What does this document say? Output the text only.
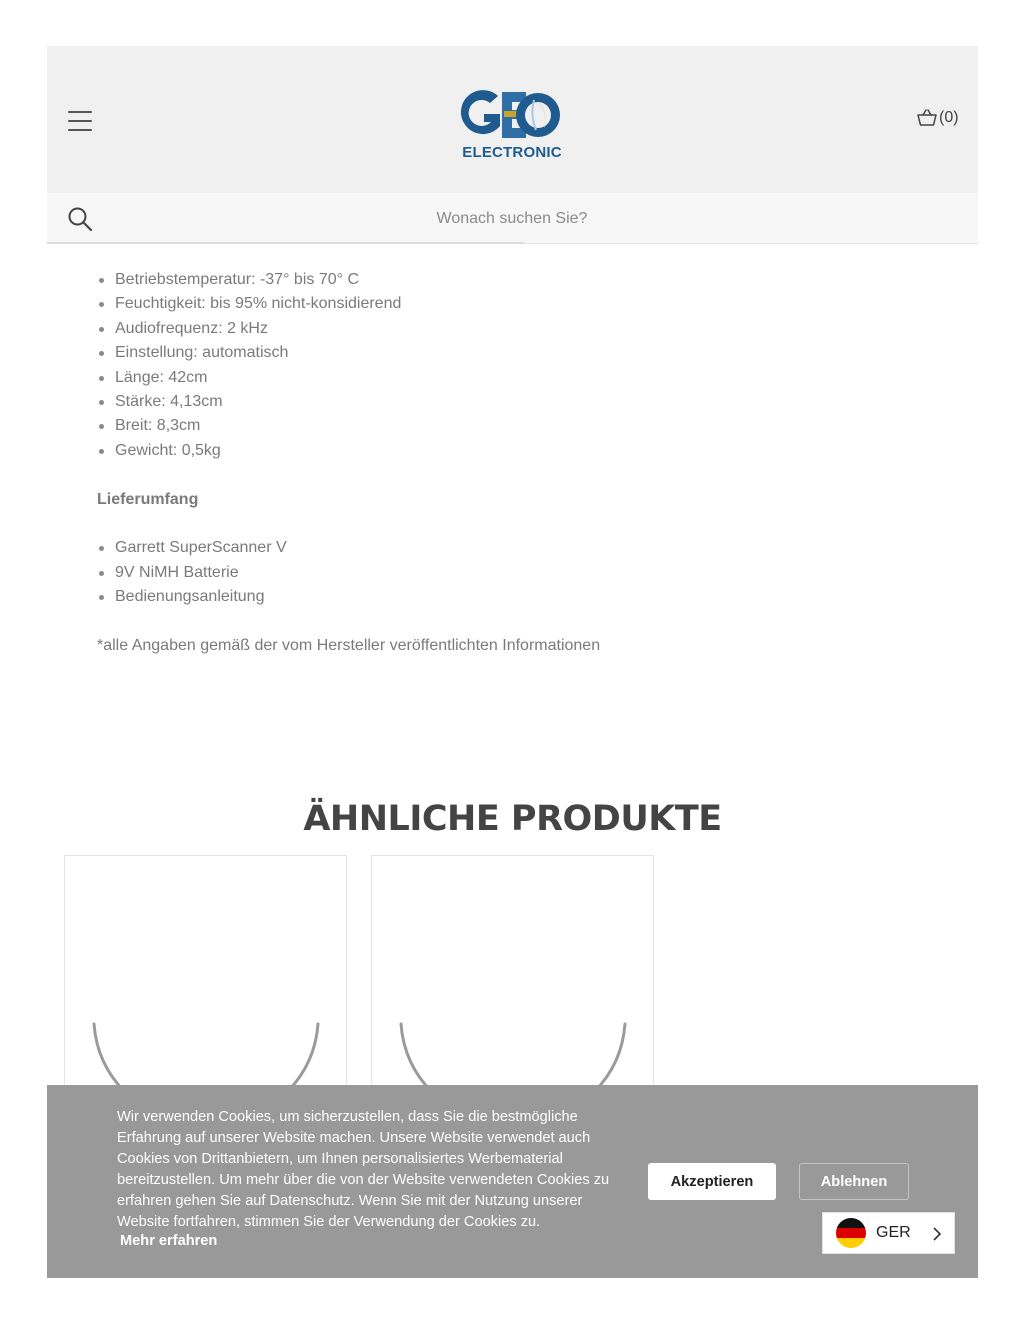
ELECTRONIC
(0)
Wonach suchen Sie?
Betriebstemperatur: -37° bis 70° C
Feuchtigkeit: bis 95% nicht-konsidierend
Audiofrequenz: 2 kHz
Einstellung: automatisch
Länge: 42cm
Stärke: 4,13cm
Breit: 8,3cm
Gewicht: 0,5kg
Lieferumfang
Garrett SuperScanner V
9V NiMH Batterie
Bedienungsanleitung
*alle Angaben gemäß der vom Hersteller veröffentlichten Informationen
ÄHNLICHE PRODUKTE
Wir verwenden Cookies, um sicherzustellen, dass Sie die bestmögliche Erfahrung auf unserer Website machen. Unsere Website verwendet auch Cookies von Drittanbietern, um Ihnen personalisiertes Werbematerial bereitzustellen. Um mehr über die von der Website verwendeten Cookies zu erfahren gehen Sie auf Datenschutz. Wenn Sie mit der Nutzung unserer Website fortfahren, stimmen Sie der Verwendung der Cookies zu.
Mehr erfahren
Akzeptieren	Ablehnen
GER
